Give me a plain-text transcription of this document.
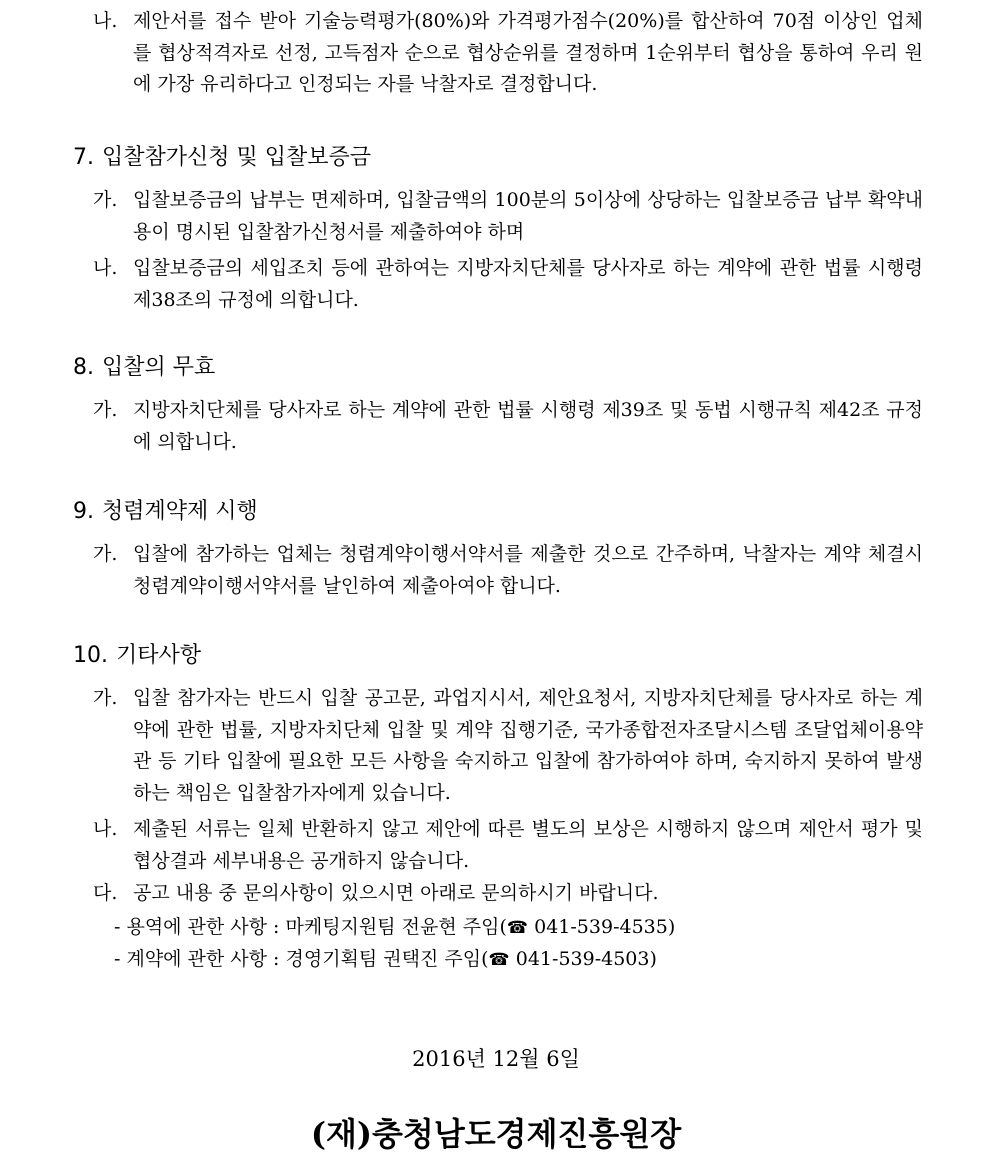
나. 제안서를 접수 받아 기술능력평가(80%)와 가격평가점수(20%)를 합산하여 70점 이상인 업체를 협상적격자로 선정, 고득점자 순으로 협상순위를 결정하며 1순위부터 협상을 통하여 우리 원에 가장 유리하다고 인정되는 자를 낙찰자로 결정합니다.
7. 입찰참가신청 및 입찰보증금
가. 입찰보증금의 납부는 면제하며, 입찰금액의 100분의 5이상에 상당하는 입찰보증금 납부 확약내용이 명시된 입찰참가신청서를 제출하여야 하며
나. 입찰보증금의 세입조치 등에 관하여는 지방자치단체를 당사자로 하는 계약에 관한 법률 시행령 제38조의 규정에 의합니다.
8. 입찰의 무효
가. 지방자치단체를 당사자로 하는 계약에 관한 법률 시행령 제39조 및 동법 시행규칙 제42조 규정에 의합니다.
9. 청렴계약제 시행
가. 입찰에 참가하는 업체는 청렴계약이행서약서를 제출한 것으로 간주하며, 낙찰자는 계약 체결시 청렴계약이행서약서를 날인하여 제출아여야 합니다.
10. 기타사항
가. 입찰 참가자는 반드시 입찰 공고문, 과업지시서, 제안요청서, 지방자치단체를 당사자로 하는 계약에 관한 법률, 지방자치단체 입찰 및 계약 집행기준, 국가종합전자조달시스템 조달업체이용약관 등 기타 입찰에 필요한 모든 사항을 숙지하고 입찰에 참가하여야 하며, 숙지하지 못하여 발생하는 책임은 입찰참가자에게 있습니다.
나. 제출된 서류는 일체 반환하지 않고 제안에 따른 별도의 보상은 시행하지 않으며 제안서 평가 및 협상결과 세부내용은 공개하지 않습니다.
다. 공고 내용 중 문의사항이 있으시면 아래로 문의하시기 바랍니다.
- 용역에 관한 사항 : 마케팅지원팀 전윤현 주임(☎ 041-539-4535)
- 계약에 관한 사항 : 경영기획팀 권택진 주임(☎ 041-539-4503)
2016년 12월 6일
(재)충청남도경제진흥원장
